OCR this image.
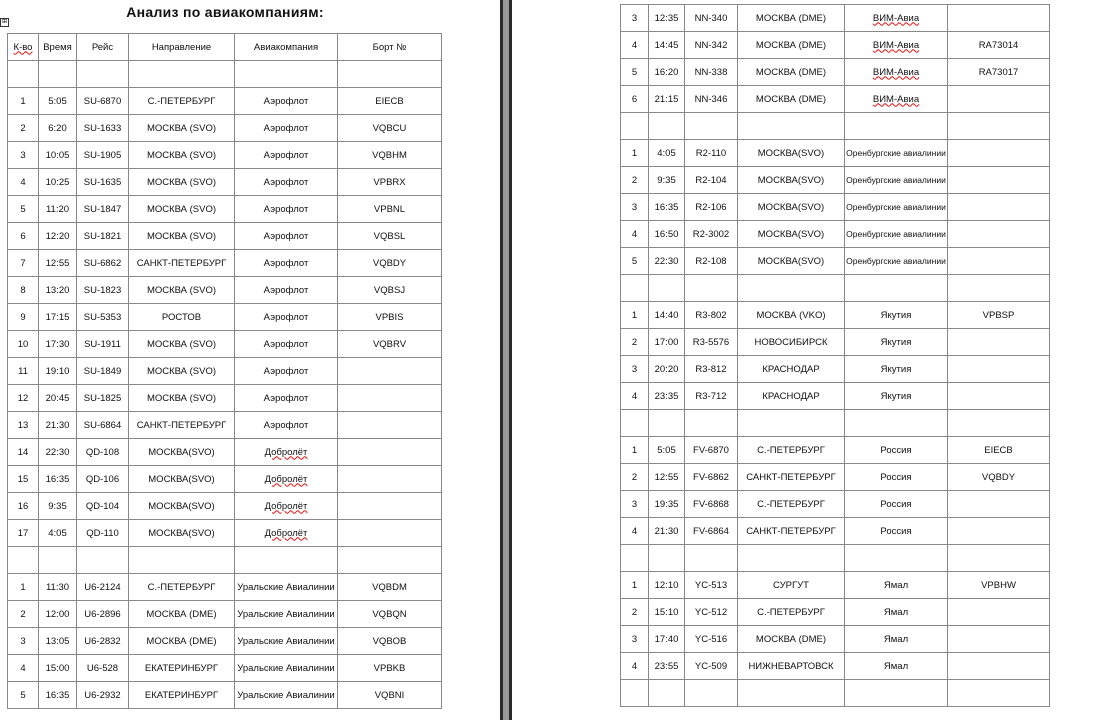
⊞
Анализ по авиакомпаниям:
К-во	Время	Рейс	Направление	Авиакомпания	Борт №

1	5:05	SU-6870	С.-ПЕТЕРБУРГ	Аэрофлот	EIECB
2	6:20	SU-1633	МОСКВА (SVO)	Аэрофлот	VQBCU
3	10:05	SU-1905	МОСКВА (SVO)	Аэрофлот	VQBHM
4	10:25	SU-1635	МОСКВА (SVO)	Аэрофлот	VPBRX
5	11:20	SU-1847	МОСКВА (SVO)	Аэрофлот	VPBNL
6	12:20	SU-1821	МОСКВА (SVO)	Аэрофлот	VQBSL
7	12:55	SU-6862	САНКТ-ПЕТЕРБУРГ	Аэрофлот	VQBDY
8	13:20	SU-1823	МОСКВА (SVO)	Аэрофлот	VQBSJ
9	17:15	SU-5353	РОСТОВ	Аэрофлот	VPBIS
10	17:30	SU-1911	МОСКВА (SVO)	Аэрофлот	VQBRV
11	19:10	SU-1849	МОСКВА (SVO)	Аэрофлот	
12	20:45	SU-1825	МОСКВА (SVO)	Аэрофлот	
13	21:30	SU-6864	САНКТ-ПЕТЕРБУРГ	Аэрофлот	
14	22:30	QD-108	МОСКВА(SVO)	Добролёт	
15	16:35	QD-106	МОСКВА(SVO)	Добролёт	
16	9:35	QD-104	МОСКВА(SVO)	Добролёт	
17	4:05	QD-110	МОСКВА(SVO)	Добролёт	

1	11:30	U6-2124	С.-ПЕТЕРБУРГ	Уральские Авиалинии	VQBDM
2	12:00	U6-2896	МОСКВА (DME)	Уральские Авиалинии	VQBQN
3	13:05	U6-2832	МОСКВА (DME)	Уральские Авиалинии	VQBOB
4	15:00	U6-528	ЕКАТЕРИНБУРГ	Уральские Авиалинии	VPBKB
5	16:35	U6-2932	ЕКАТЕРИНБУРГ	Уральские Авиалинии	VQBNI
3	12:35	NN-340	МОСКВА (DME)	ВИМ-Авиа	
4	14:45	NN-342	МОСКВА (DME)	ВИМ-Авиа	RA73014
5	16:20	NN-338	МОСКВА (DME)	ВИМ-Авиа	RA73017
6	21:15	NN-346	МОСКВА (DME)	ВИМ-Авиа	

1	4:05	R2-110	МОСКВА(SVO)	Оренбургские авиалинии	
2	9:35	R2-104	МОСКВА(SVO)	Оренбургские авиалинии	
3	16:35	R2-106	МОСКВА(SVO)	Оренбургские авиалинии	
4	16:50	R2-3002	МОСКВА(SVO)	Оренбургские авиалинии	
5	22:30	R2-108	МОСКВА(SVO)	Оренбургские авиалинии	

1	14:40	R3-802	МОСКВА (VKO)	Якутия	VPBSP
2	17:00	R3-5576	НОВОСИБИРСК	Якутия	
3	20:20	R3-812	КРАСНОДАР	Якутия	
4	23:35	R3-712	КРАСНОДАР	Якутия	

1	5:05	FV-6870	С.-ПЕТЕРБУРГ	Россия	EIECB
2	12:55	FV-6862	САНКТ-ПЕТЕРБУРГ	Россия	VQBDY
3	19:35	FV-6868	С.-ПЕТЕРБУРГ	Россия	
4	21:30	FV-6864	САНКТ-ПЕТЕРБУРГ	Россия	

1	12:10	YC-513	СУРГУТ	Ямал	VPBHW
2	15:10	YC-512	С.-ПЕТЕРБУРГ	Ямал	
3	17:40	YC-516	МОСКВА (DME)	Ямал	
4	23:55	YC-509	НИЖНЕВАРТОВСК	Ямал	
